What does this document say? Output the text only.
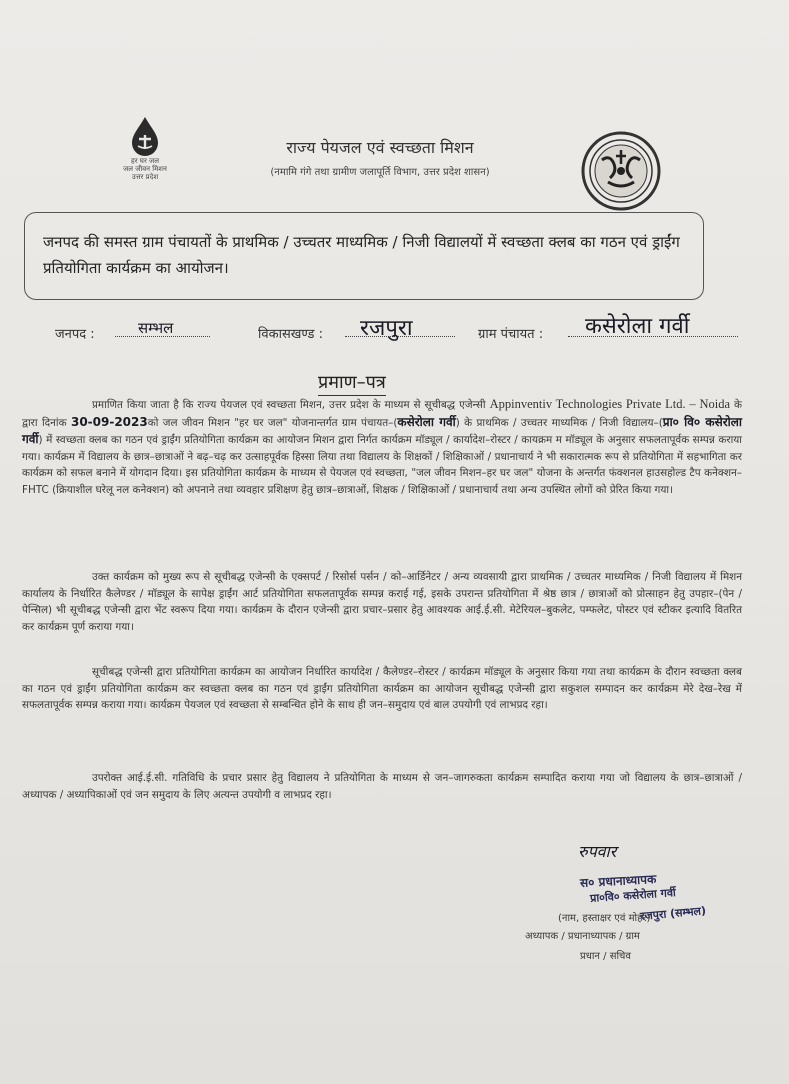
हर घर जल
जल जीवन मिशन
उत्तर प्रदेश
राज्य पेयजल एवं स्वच्छता मिशन
(नमामि गंगे तथा ग्रामीण जलापूर्ति विभाग, उत्तर प्रदेश शासन)
जनपद की समस्त ग्राम पंचायतों के प्राथमिक / उच्चतर माध्यमिक / निजी विद्यालयों में स्वच्छता क्लब का गठन एवं ड्राईंग प्रतियोगिता कार्यक्रम का आयोजन।
जनपद :	सम्भल	विकासखण्ड : रजपुरा	ग्राम पंचायत : कसेरोला गर्वी
प्रमाण–पत्र
प्रमाणित किया जाता है कि राज्य पेयजल एवं स्वच्छता मिशन, उत्तर प्रदेश के माध्यम से सूचीबद्ध एजेन्सी Appinventiv Technologies Private Ltd. – Noida के द्वारा दिनांक 30-09-2023को जल जीवन मिशन "हर घर जल" योजनान्तर्गत ग्राम पंचायत–(कसेरोला गर्वी) के प्राथमिक / उच्चतर माध्यमिक / निजी विद्यालय–(प्रा० वि० कसेरोला गर्वी) में स्वच्छता क्लब का गठन एवं ड्राईंग प्रतियोगिता कार्यक्रम का आयोजन मिशन द्वारा निर्गत कार्यक्रम मॉड्यूल / कार्यादेश–रोस्टर / कायक्रम म मॉड्यूल के अनुसार सफलतापूर्वक सम्पन्न कराया गया। कार्यक्रम में विद्यालय के छात्र–छात्राओं ने बढ़–चढ़ कर उत्साहपूर्वक हिस्सा लिया तथा विद्यालय के शिक्षकों / शिक्षिकाओं / प्रधानाचार्य ने भी सकारात्मक रूप से प्रतियोगिता में सहभागिता कर कार्यक्रम को सफल बनाने में योगदान दिया। इस प्रतियोगिता कार्यक्रम के माध्यम से पेयजल एवं स्वच्छता, "जल जीवन मिशन–हर घर जल" योजना के अन्तर्गत फंक्शनल हाउसहोल्ड टैप कनेक्शन–FHTC (क्रियाशील घरेलू नल कनेक्शन) को अपनाने तथा व्यवहार प्रशिक्षण हेतु छात्र–छात्राओं, शिक्षक / शिक्षिकाओं / प्रधानाचार्य तथा अन्य उपस्थित लोगों को प्रेरित किया गया।
उक्त कार्यक्रम को मुख्य रूप से सूचीबद्ध एजेन्सी के एक्सपर्ट / रिसोर्स पर्सन / को–आर्डिनेटर / अन्य व्यवसायी द्वारा प्राथमिक / उच्चतर माध्यमिक / निजी विद्यालय में मिशन कार्यालय के निर्धारित कैलेण्डर / मॉड्यूल के सापेक्ष ड्राईंग आर्ट प्रतियोगिता सफलतापूर्वक सम्पन्न कराई गई, इसके उपरान्त प्रतियोगिता में श्रेष्ठ छात्र / छात्राओं को प्रोत्साहन हेतु उपहार–(पेन / पेन्सिल) भी सूचीबद्ध एजेन्सी द्वारा भेंट स्वरूप दिया गया। कार्यक्रम के दौरान एजेन्सी द्वारा प्रचार–प्रसार हेतु आवश्यक आई.ई.सी. मेटेरियल–बुकलेट, पम्फलेट, पोस्टर एवं स्टीकर इत्यादि वितरित कर कार्यक्रम पूर्ण कराया गया।
सूचीबद्ध एजेन्सी द्वारा प्रतियोगिता कार्यक्रम का आयोजन निर्धारित कार्यादेश / कैलेण्डर–रोस्टर / कार्यक्रम मॉड्यूल के अनुसार किया गया तथा कार्यक्रम के दौरान स्वच्छता क्लब का गठन एवं ड्राईंग प्रतियोगिता कार्यक्रम कर स्वच्छता क्लब का गठन एवं ड्राईंग प्रतियोगिता कार्यक्रम का आयोजन सूचीबद्ध एजेन्सी द्वारा सकुशल सम्पादन कर कार्यक्रम मेरे देख–रेख में सफलतापूर्वक सम्पन्न कराया गया। कार्यक्रम पेयजल एवं स्वच्छता से सम्बन्धित होने के साथ ही जन–समुदाय एवं बाल उपयोगी एवं लाभप्रद रहा।
उपरोक्त आई.ई.सी. गतिविधि के प्रचार प्रसार हेतु विद्यालय ने प्रतियोगिता के माध्यम से जन–जागरुकता कार्यक्रम सम्पादित कराया गया जो विद्यालय के छात्र–छात्राओं / अध्यापक / अध्यापिकाओं एवं जन समुदाय के लिए अत्यन्त उपयोगी व लाभप्रद रहा।
रुपवार
स० प्रधानाध्यापक
प्रा०वि० कसेरोला गर्वी
रजपुरा (सम्भल)
(नाम, हस्ताक्षर एवं मोहर)
अध्यापक / प्रधानाध्यापक / ग्राम
प्रधान / सचिव
